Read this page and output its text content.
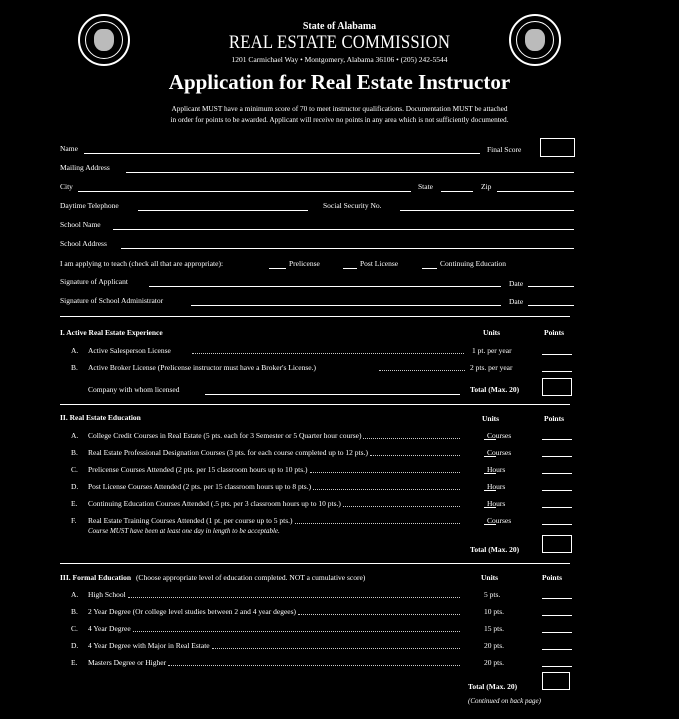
State of Alabama
REAL ESTATE COMMISSION
1201 Carmichael Way • Montgomery, Alabama 36106 • (205) 242-5544
Application for Real Estate Instructor
Applicant MUST have a minimum score of 70 to meet instructor qualifications. Documentation MUST be attached
in order for points to be awarded. Applicant will receive no points in any area which is not sufficiently documented.
Name	Final Score
Mailing Address
City	State	Zip
Daytime Telephone	Social Security No.
School Name
School Address
I am applying to teach (check all that are appropriate):	Prelicense	Post License	Continuing Education
Signature of Applicant	Date
Signature of School Administrator	Date
I. Active Real Estate Experience	Units	Points
A. Active Salesperson License	1 pt. per year
B. Active Broker License (Prelicense instructor must have a Broker's License.)	2 pts. per year
Company with whom licensed	Total (Max. 20)
II. Real Estate Education	Units	Points
A. College Credit Courses in Real Estate (5 pts. each for 3 Semester or 5 Quarter hour course)	Courses
B. Real Estate Professional Designation Courses (3 pts. for each course completed up to 12 pts.)	Courses
C. Prelicense Courses Attended (2 pts. per 15 classroom hours up to 10 pts.)	Hours
D. Post License Courses Attended (2 pts. per 15 classroom hours up to 8 pts.)	Hours
E. Continuing Education Courses Attended (.5 pts. per 3 classroom hours up to 10 pts.)	Hours
F. Real Estate Training Courses Attended (1 pt. per course up to 5 pts.)	Courses
Course MUST have been at least one day in length to be acceptable.
Total (Max. 20)
III. Formal Education (Choose appropriate level of education completed. NOT a cumulative score)	Units	Points
A. High School	5 pts.
B. 2 Year Degree (Or college level studies between 2 and 4 year degees)	10 pts.
C. 4 Year Degree	15 pts.
D. 4 Year Degree with Major in Real Estate	20 pts.
E. Masters Degree or Higher	20 pts.
Total (Max. 20)
(Continued on back page)
